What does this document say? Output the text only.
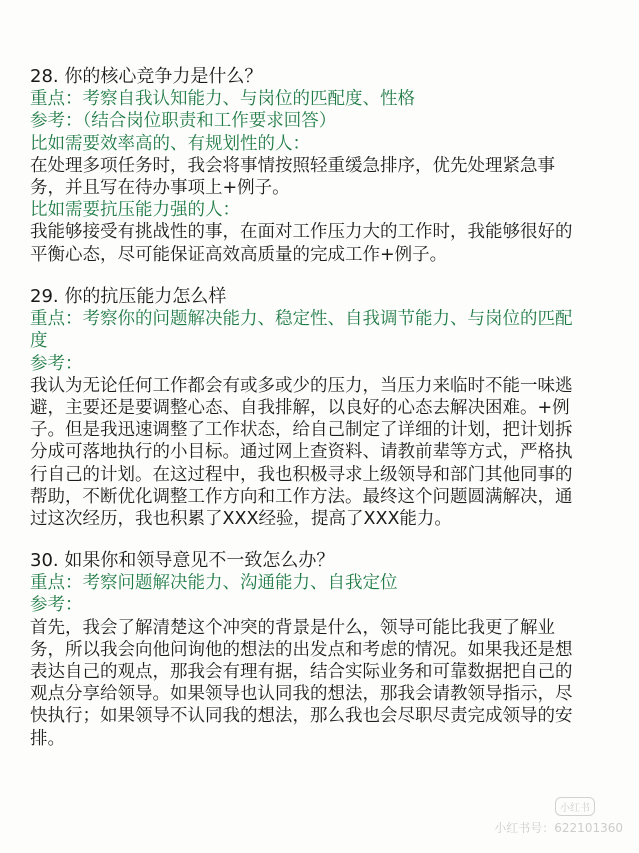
28. 你的核心竞争力是什么？
重点：考察自我认知能力、与岗位的匹配度、性格
参考：（结合岗位职责和工作要求回答）
比如需要效率高的、有规划性的人：
在处理多项任务时，我会将事情按照轻重缓急排序，优先处理紧急事
务，并且写在待办事项上+例子。
比如需要抗压能力强的人：
我能够接受有挑战性的事，在面对工作压力大的工作时，我能够很好的
平衡心态，尽可能保证高效高质量的完成工作+例子。
29. 你的抗压能力怎么样
重点：考察你的问题解决能力、稳定性、自我调节能力、与岗位的匹配
度
参考：
我认为无论任何工作都会有或多或少的压力，当压力来临时不能一味逃
避，主要还是要调整心态、自我排解，以良好的心态去解决困难。+例
子。但是我迅速调整了工作状态，给自己制定了详细的计划，把计划拆
分成可落地执行的小目标。通过网上查资料、请教前辈等方式，严格执
行自己的计划。在这过程中，我也积极寻求上级领导和部门其他同事的
帮助，不断优化调整工作方向和工作方法。最终这个问题圆满解决，通
过这次经历，我也积累了XXX经验，提高了XXX能力。
30. 如果你和领导意见不一致怎么办？
重点：考察问题解决能力、沟通能力、自我定位
参考：
首先，我会了解清楚这个冲突的背景是什么，领导可能比我更了解业
务，所以我会向他问询他的想法的出发点和考虑的情况。如果我还是想
表达自己的观点，那我会有理有据，结合实际业务和可靠数据把自己的
观点分享给领导。如果领导也认同我的想法，那我会请教领导指示，尽
快执行；如果领导不认同我的想法，那么我也会尽职尽责完成领导的安
排。
小红书
小红书号：622101360
